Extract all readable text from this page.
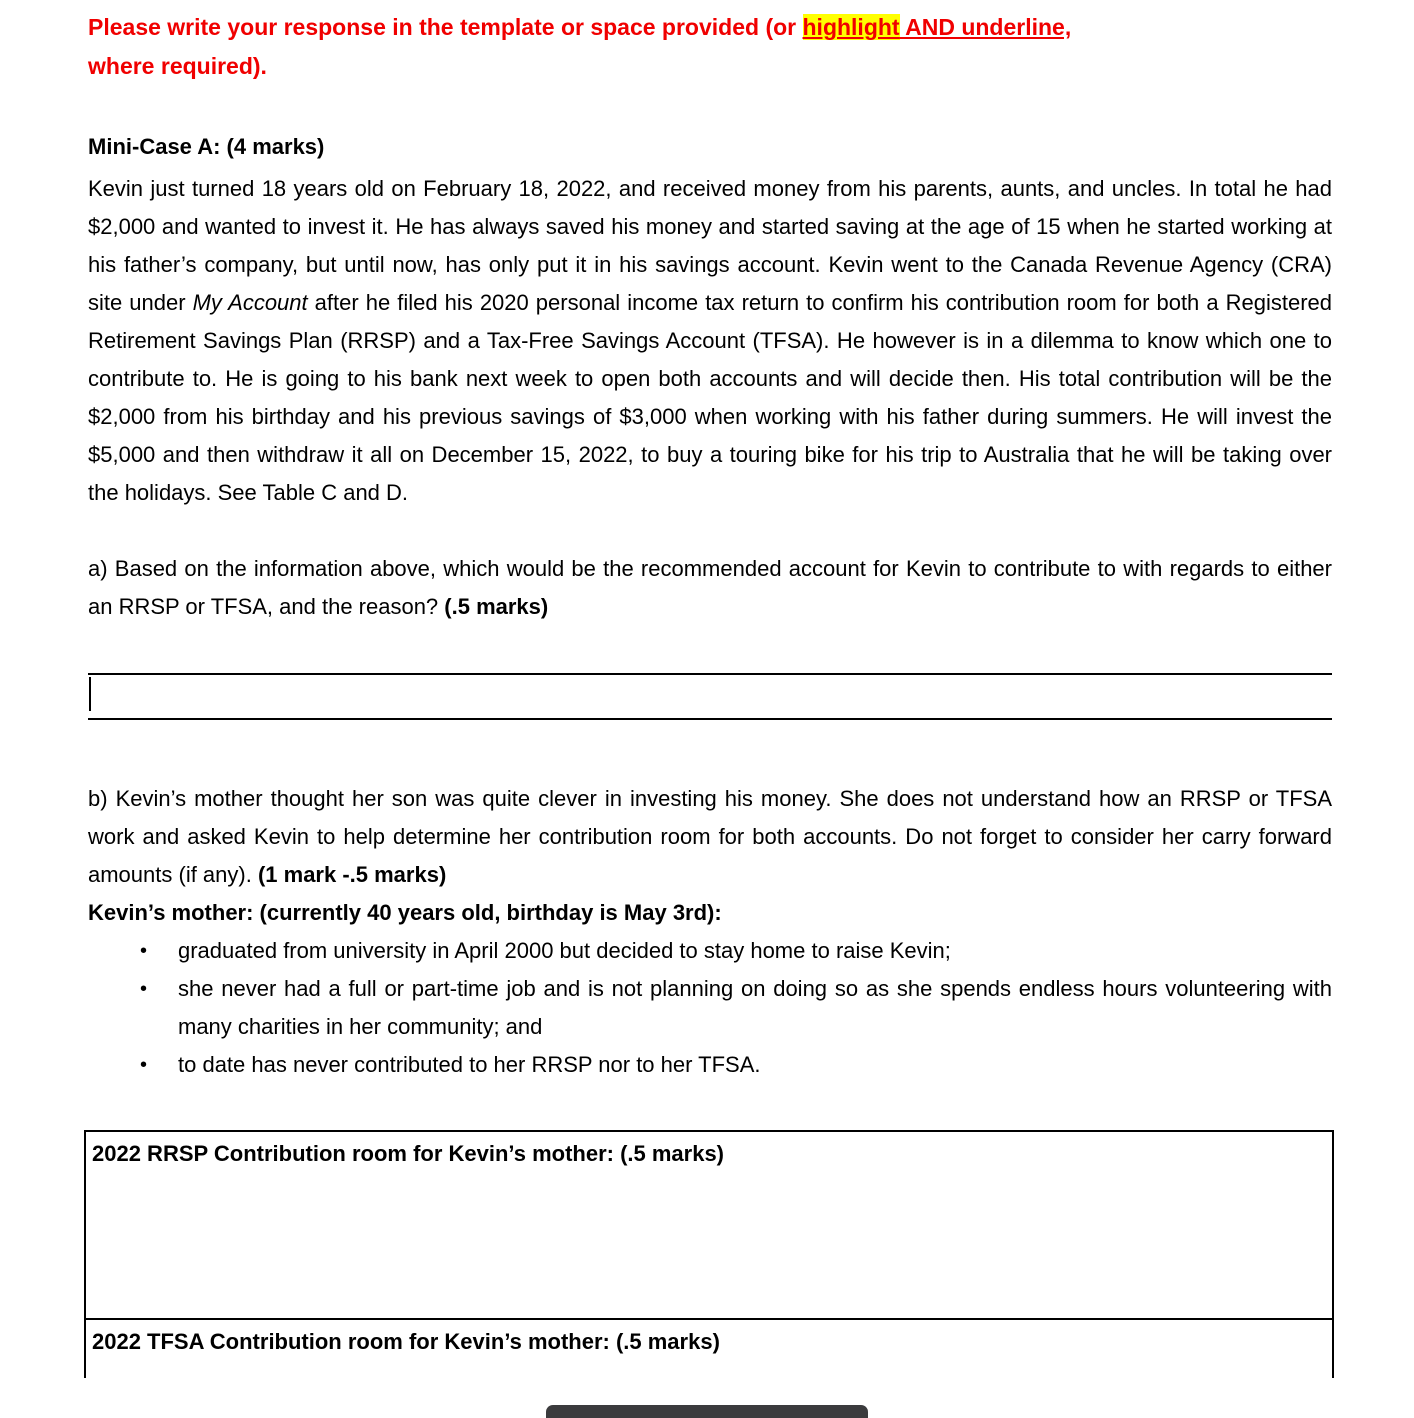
Please write your response in the template or space provided (or highlight AND underline,
where required).

Mini-Case A: (4 marks)

Kevin just turned 18 years old on February 18, 2022, and received money from his parents, aunts, and uncles. In total he had $2,000 and wanted to invest it. He has always saved his money and started saving at the age of 15 when he started working at his father’s company, but until now, has only put it in his savings account. Kevin went to the Canada Revenue Agency (CRA) site under My Account after he filed his 2020 personal income tax return to confirm his contribution room for both a Registered Retirement Savings Plan (RRSP) and a Tax-Free Savings Account (TFSA). He however is in a dilemma to know which one to contribute to. He is going to his bank next week to open both accounts and will decide then. His total contribution will be the $2,000 from his birthday and his previous savings of $3,000 when working with his father during summers. He will invest the $5,000 and then withdraw it all on December 15, 2022, to buy a touring bike for his trip to Australia that he will be taking over the holidays. See Table C and D.

a) Based on the information above, which would be the recommended account for Kevin to contribute to with regards to either an RRSP or TFSA, and the reason? (.5 marks)

b) Kevin’s mother thought her son was quite clever in investing his money. She does not understand how an RRSP or TFSA work and asked Kevin to help determine her contribution room for both accounts. Do not forget to consider her carry forward amounts (if any). (1 mark -.5 marks)

Kevin’s mother: (currently 40 years old, birthday is May 3rd):

•	graduated from university in April 2000 but decided to stay home to raise Kevin;
•	she never had a full or part-time job and is not planning on doing so as she spends endless hours volunteering with many charities in her community; and
•	to date has never contributed to her RRSP nor to her TFSA.
2022 RRSP Contribution room for Kevin’s mother: (.5 marks)
2022 TFSA Contribution room for Kevin’s mother: (.5 marks)
